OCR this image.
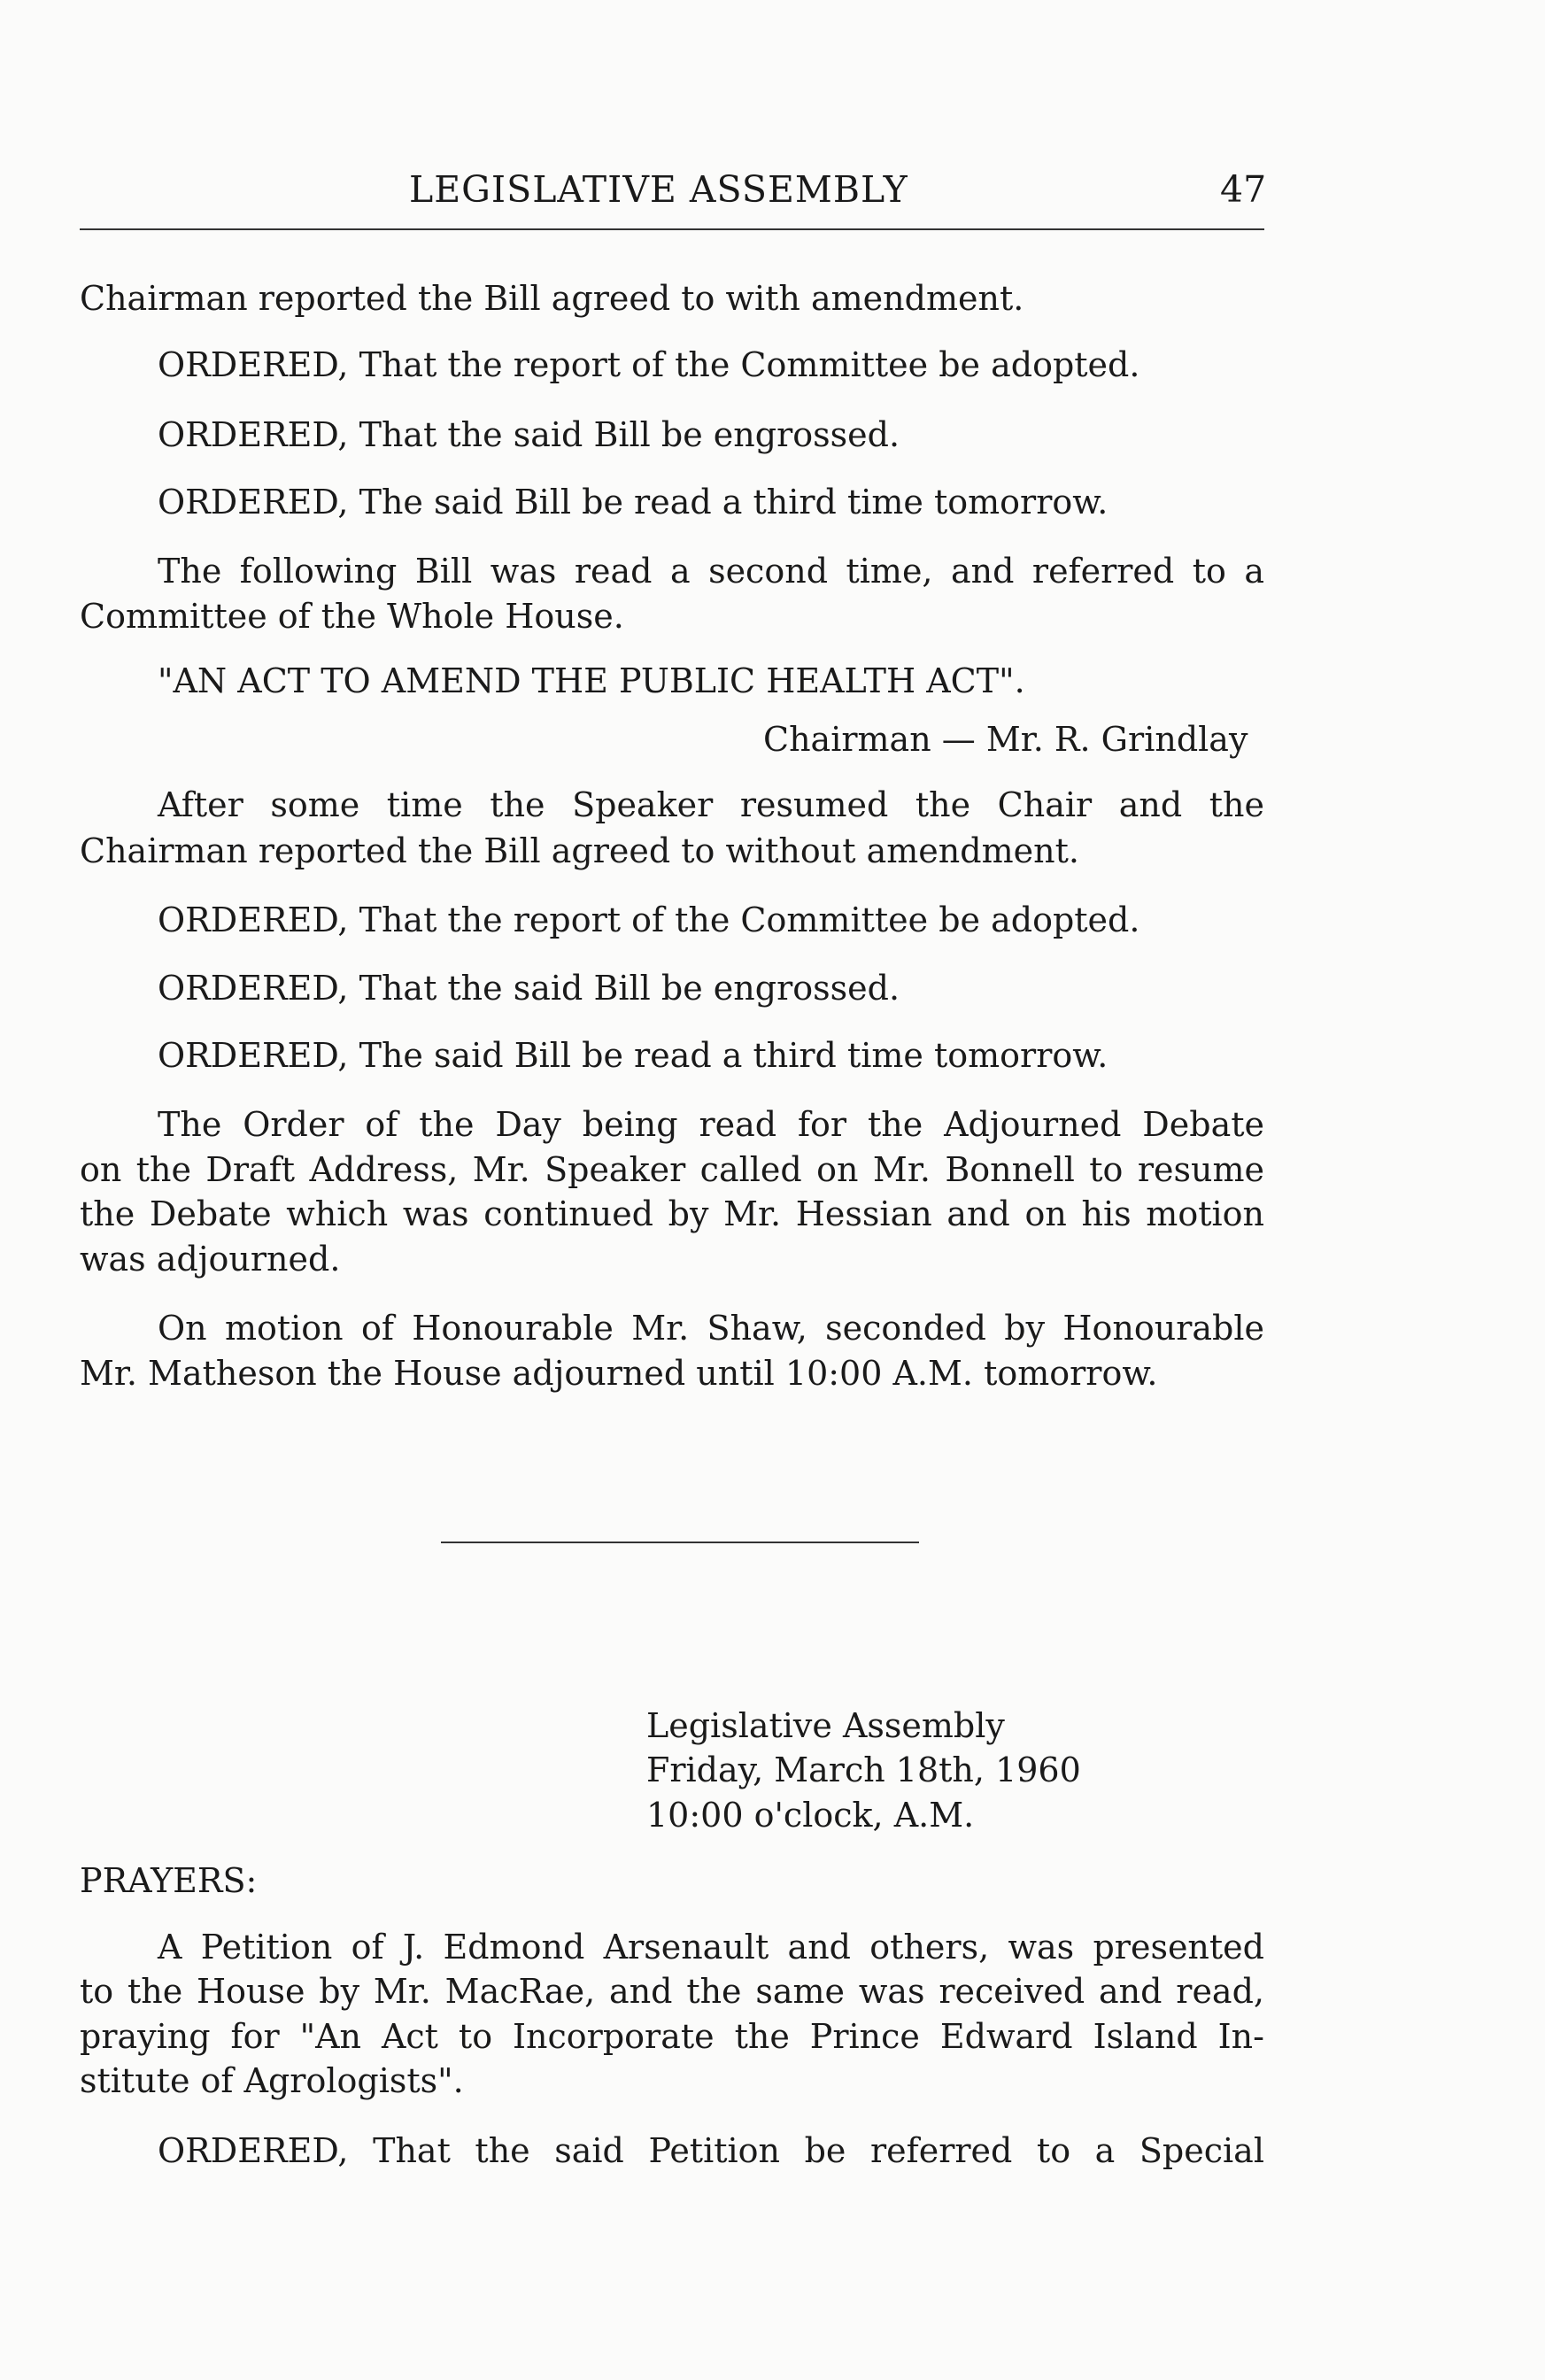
LEGISLATIVE ASSEMBLY	47
Chairman reported the Bill agreed to with amendment.
ORDERED, That the report of the Committee be adopted.
ORDERED, That the said Bill be engrossed.
ORDERED, The said Bill be read a third time tomorrow.
The following Bill was read a second time, and referred to a
Committee of the Whole House.
"AN ACT TO AMEND THE PUBLIC HEALTH ACT".
Chairman — Mr. R. Grindlay
After some time the Speaker resumed the Chair and the
Chairman reported the Bill agreed to without amendment.
ORDERED, That the report of the Committee be adopted.
ORDERED, That the said Bill be engrossed.
ORDERED, The said Bill be read a third time tomorrow.
The Order of the Day being read for the Adjourned Debate
on the Draft Address, Mr. Speaker called on Mr. Bonnell to resume
the Debate which was continued by Mr. Hessian and on his motion
was adjourned.
On motion of Honourable Mr. Shaw, seconded by Honourable
Mr. Matheson the House adjourned until 10:00 A.M. tomorrow.
Legislative Assembly
Friday, March 18th, 1960
10:00 o'clock, A.M.
PRAYERS:
A Petition of J. Edmond Arsenault and others, was presented
to the House by Mr. MacRae, and the same was received and read,
praying for "An Act to Incorporate the Prince Edward Island In-
stitute of Agrologists".
ORDERED, That the said Petition be referred to a Special
